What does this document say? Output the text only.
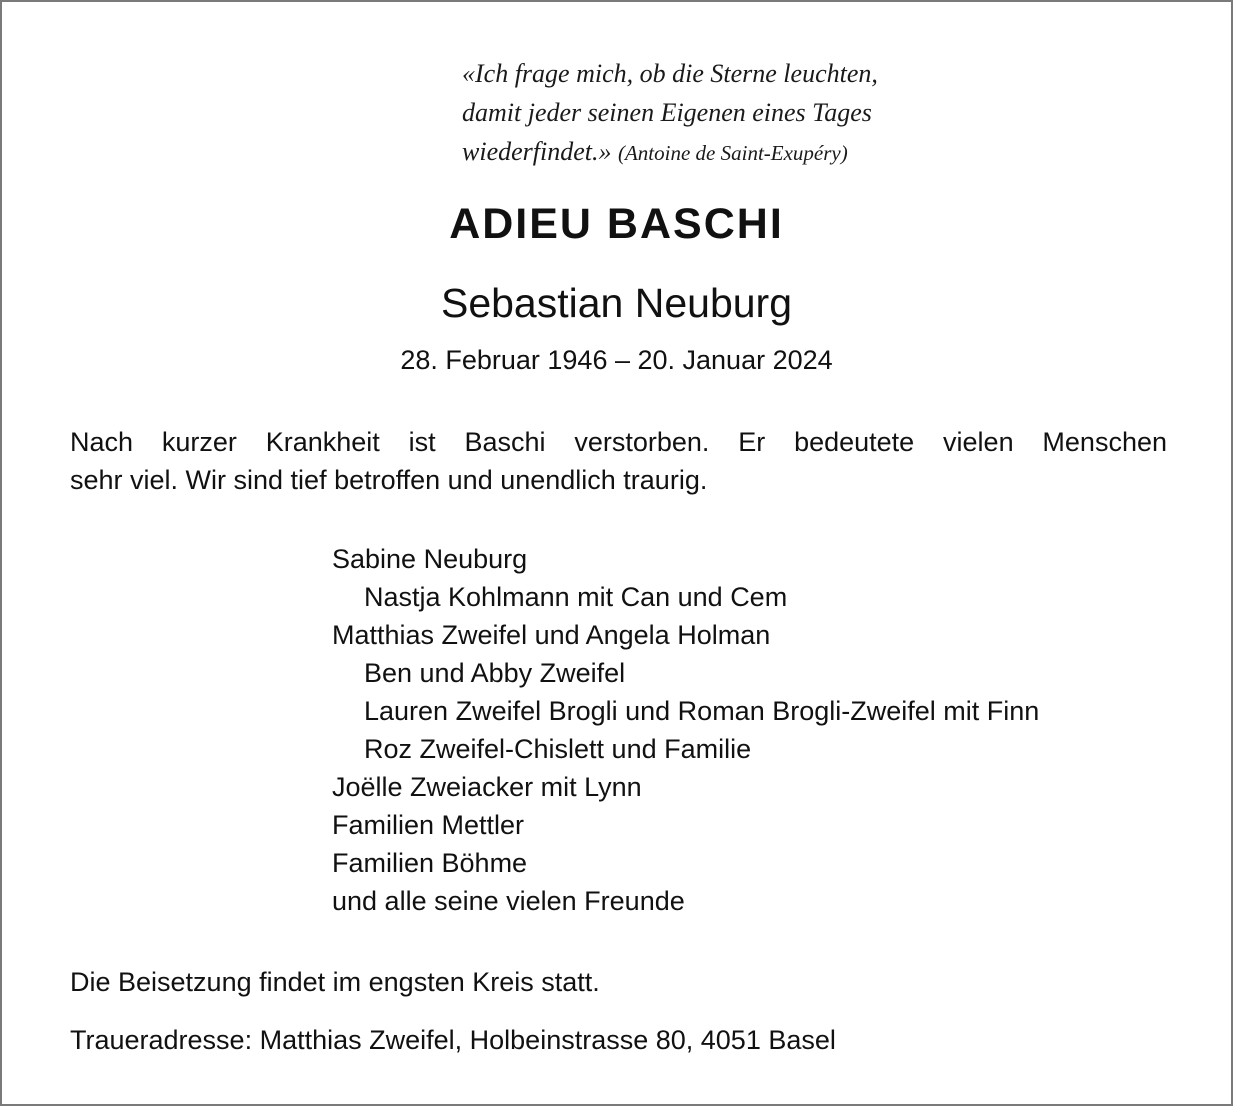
«Ich frage mich, ob die Sterne leuchten,
damit jeder seinen Eigenen eines Tages
wiederfindet.» (Antoine de Saint-Exupéry)
ADIEU BASCHI
Sebastian Neuburg
28. Februar 1946 – 20. Januar 2024
Nach kurzer Krankheit ist Baschi verstorben. Er bedeutete vielen Menschen
sehr viel. Wir sind tief betroffen und unendlich traurig.
Sabine Neuburg
Nastja Kohlmann mit Can und Cem
Matthias Zweifel und Angela Holman
Ben und Abby Zweifel
Lauren Zweifel Brogli und Roman Brogli-Zweifel mit Finn
Roz Zweifel-Chislett und Familie
Joëlle Zweiacker mit Lynn
Familien Mettler
Familien Böhme
und alle seine vielen Freunde
Die Beisetzung findet im engsten Kreis statt.
Traueradresse: Matthias Zweifel, Holbeinstrasse 80, 4051 Basel
